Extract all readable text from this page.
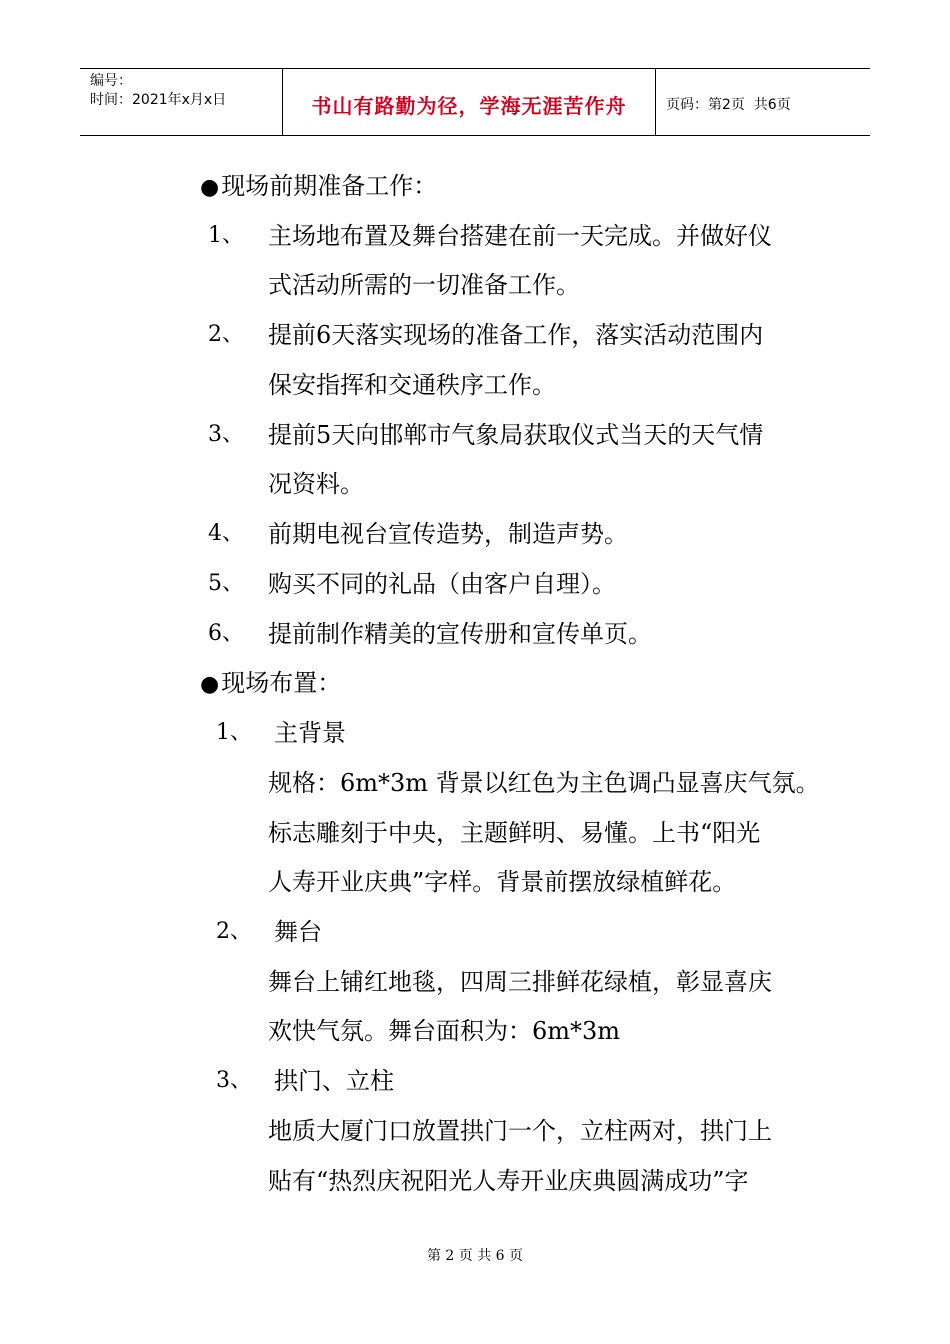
编号：
时间：2021年x月x日	书山有路勤为径，学海无涯苦作舟	页码：第2页  共6页
●现场前期准备工作：
1、 主场地布置及舞台搭建在前一天完成。并做好仪
式活动所需的一切准备工作。
2、 提前6天落实现场的准备工作，落实活动范围内
保安指挥和交通秩序工作。
3、 提前5天向邯郸市气象局获取仪式当天的天气情
况资料。
4、 前期电视台宣传造势，制造声势。
5、 购买不同的礼品（由客户自理）。
6、 提前制作精美的宣传册和宣传单页。
●现场布置：
1、 主背景
规格：6m*3m 背景以红色为主色调凸显喜庆气氛。
标志雕刻于中央，主题鲜明、易懂。上书“阳光
人寿开业庆典”字样。背景前摆放绿植鲜花。
2、 舞台
舞台上铺红地毯，四周三排鲜花绿植，彰显喜庆
欢快气氛。舞台面积为：6m*3m
3、 拱门、立柱
地质大厦门口放置拱门一个，立柱两对，拱门上
贴有“热烈庆祝阳光人寿开业庆典圆满成功”字
第 2 页 共 6 页
